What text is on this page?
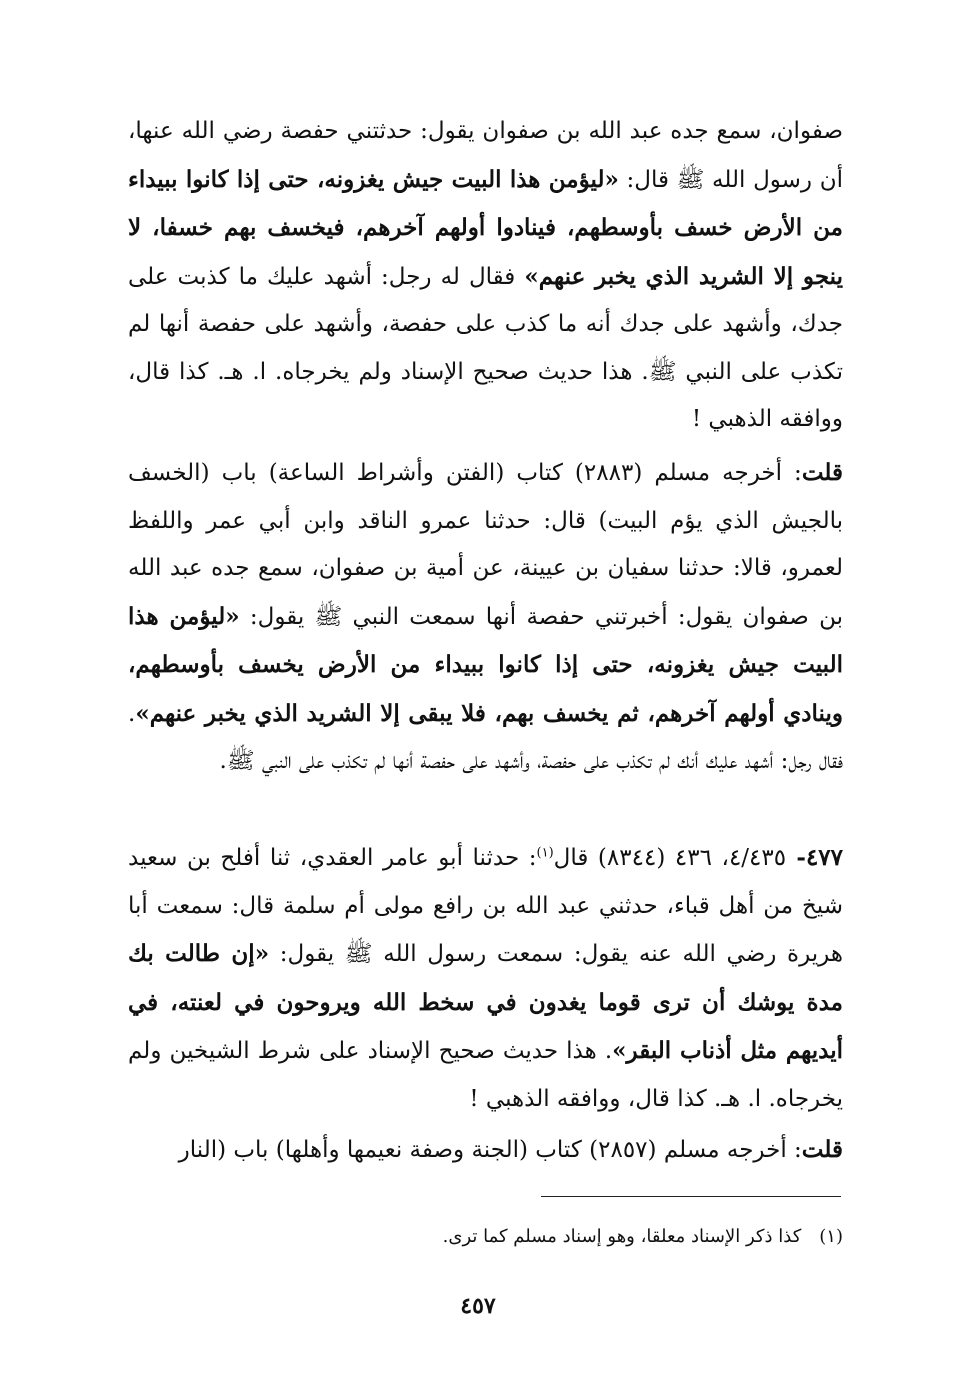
صفوان، سمع جده عبد الله بن صفوان يقول: حدثتني حفصة رضي الله عنها، أن رسول الله ﷺ قال: «ليؤمن هذا البيت جيش يغزونه، حتى إذا كانوا ببيداء من الأرض خسف بأوسطهم، فينادوا أولهم آخرهم، فيخسف بهم خسفا، لا ينجو إلا الشريد الذي يخبر عنهم» فقال له رجل: أشهد عليك ما كذبت على جدك، وأشهد على جدك أنه ما كذب على حفصة، وأشهد على حفصة أنها لم تكذب على النبي ﷺ. هذا حديث صحيح الإسناد ولم يخرجاه. ا. هـ. كذا قال، ووافقه الذهبي !

قلت: أخرجه مسلم (٢٨٨٣) كتاب (الفتن وأشراط الساعة) باب (الخسف بالجيش الذي يؤم البيت) قال: حدثنا عمرو الناقد وابن أبي عمر واللفظ لعمرو، قالا: حدثنا سفيان بن عيينة، عن أمية بن صفوان، سمع جده عبد الله بن صفوان يقول: أخبرتني حفصة أنها سمعت النبي ﷺ يقول: «ليؤمن هذا البيت جيش يغزونه، حتى إذا كانوا ببيداء من الأرض يخسف بأوسطهم، وينادي أولهم آخرهم، ثم يخسف بهم، فلا يبقى إلا الشريد الذي يخبر عنهم». فقال رجل: أشهد عليك أنك لم تكذب على حفصة، وأشهد على حفصة أنها لم تكذب على النبي ﷺ.

٤٧٧- ٤/٤٣٥، ٤٣٦ (٨٣٤٤) قال$^{(١)}$: حدثنا أبو عامر العقدي، ثنا أفلح بن سعيد شيخ من أهل قباء، حدثني عبد الله بن رافع مولى أم سلمة قال: سمعت أبا هريرة رضي الله عنه يقول: سمعت رسول الله ﷺ يقول: «إن طالت بك مدة يوشك أن ترى قوما يغدون في سخط الله ويروحون في لعنته، في أيديهم مثل أذناب البقر». هذا حديث صحيح الإسناد على شرط الشيخين ولم يخرجاه. ا. هـ. كذا قال، ووافقه الذهبي !

قلت: أخرجه مسلم (٢٨٥٧) كتاب (الجنة وصفة نعيمها وأهلها) باب (النار

(١)كذا ذكر الإسناد معلقا، وهو إسناد مسلم كما ترى.
٤٥٧
